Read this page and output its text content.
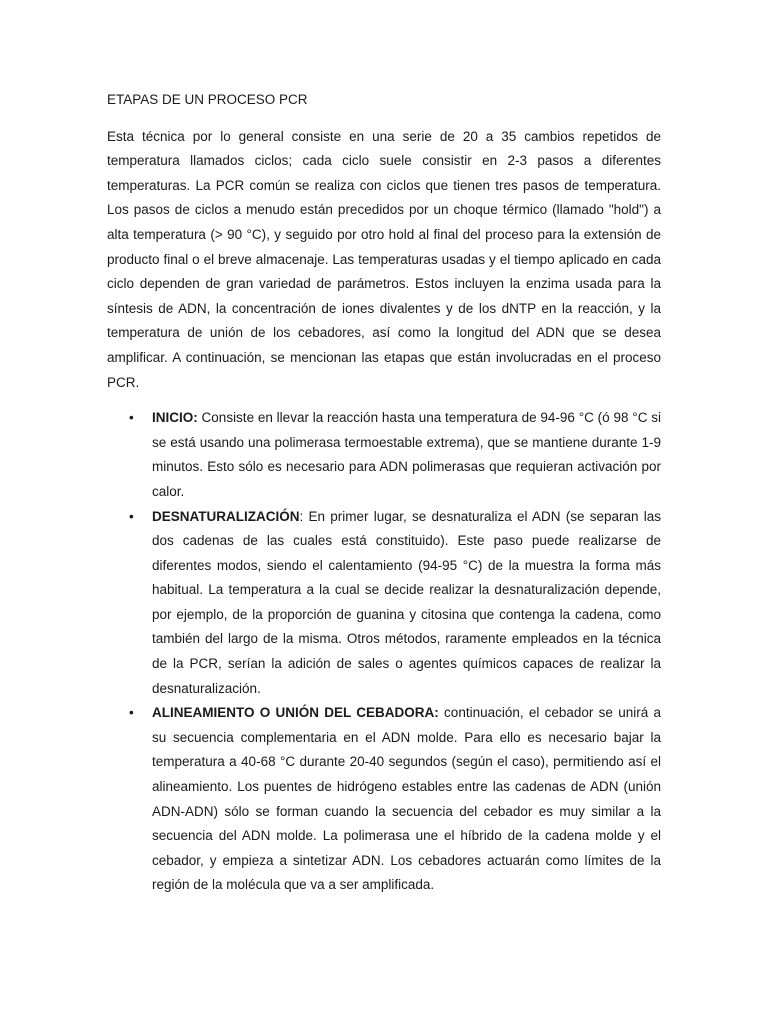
ETAPAS DE UN PROCESO PCR

Esta técnica por lo general consiste en una serie de 20 a 35 cambios repetidos de temperatura llamados ciclos; cada ciclo suele consistir en 2-3 pasos a diferentes temperaturas. La PCR común se realiza con ciclos que tienen tres pasos de temperatura. Los pasos de ciclos a menudo están precedidos por un choque térmico (llamado "hold") a alta temperatura (> 90 °C), y seguido por otro hold al final del proceso para la extensión de producto final o el breve almacenaje. Las temperaturas usadas y el tiempo aplicado en cada ciclo dependen de gran variedad de parámetros. Estos incluyen la enzima usada para la síntesis de ADN, la concentración de iones divalentes y de los dNTP en la reacción, y la temperatura de unión de los cebadores, así como la longitud del ADN que se desea amplificar. A continuación, se mencionan las etapas que están involucradas en el proceso PCR.

• INICIO: Consiste en llevar la reacción hasta una temperatura de 94-96 °C (ó 98 °C si se está usando una polimerasa termoestable extrema), que se mantiene durante 1-9 minutos. Esto sólo es necesario para ADN polimerasas que requieran activación por calor.
• DESNATURALIZACIÓN: En primer lugar, se desnaturaliza el ADN (se separan las dos cadenas de las cuales está constituido). Este paso puede realizarse de diferentes modos, siendo el calentamiento (94-95 °C) de la muestra la forma más habitual. La temperatura a la cual se decide realizar la desnaturalización depende, por ejemplo, de la proporción de guanina y citosina que contenga la cadena, como también del largo de la misma. Otros métodos, raramente empleados en la técnica de la PCR, serían la adición de sales o agentes químicos capaces de realizar la desnaturalización.
• ALINEAMIENTO O UNIÓN DEL CEBADORA: continuación, el cebador se unirá a su secuencia complementaria en el ADN molde. Para ello es necesario bajar la temperatura a 40-68 °C durante 20-40 segundos (según el caso), permitiendo así el alineamiento. Los puentes de hidrógeno estables entre las cadenas de ADN (unión ADN-ADN) sólo se forman cuando la secuencia del cebador es muy similar a la secuencia del ADN molde. La polimerasa une el híbrido de la cadena molde y el cebador, y empieza a sintetizar ADN. Los cebadores actuarán como límites de la región de la molécula que va a ser amplificada.
